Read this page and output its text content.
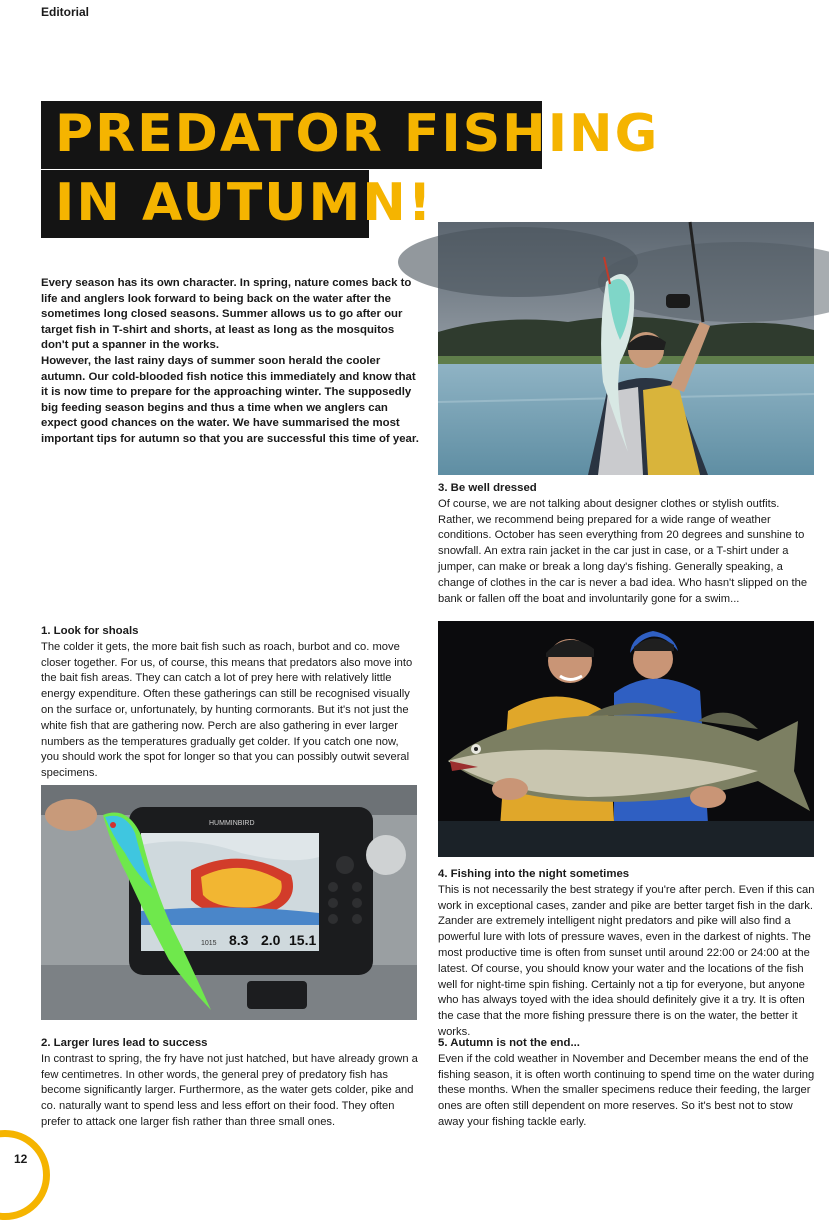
Editorial
PREDATOR FISHING
IN AUTUMN!

Every season has its own character. In spring, nature comes back to life and anglers look forward to being back on the water after the sometimes long closed seasons. Summer allows us to go after our target fish in T-shirt and shorts, at least as long as the mosquitos don't put a spanner in the works.

However, the last rainy days of summer soon herald the cooler autumn. Our cold-blooded fish notice this immediately and know that it is now time to prepare for the approaching winter. The supposedly big feeding season begins and thus a time when we anglers can expect good chances on the water. We have summarised the most important tips for autumn so that you are successful this time of year.

3. Be well dressed

Of course, we are not talking about designer clothes or stylish outfits. Rather, we recommend being prepared for a wide range of weather conditions. October has seen everything from 20 degrees and sunshine to snowfall. An extra rain jacket in the car just in case, or a T-shirt under a jumper, can make or break a long day's fishing. Generally speaking, a change of clothes in the car is never a bad idea. Who hasn't slipped on the bank or fallen off the boat and involuntarily gone for a swim...

1. Look for shoals

The colder it gets, the more bait fish such as roach, burbot and co. move closer together. For us, of course, this means that predators also move into the bait fish areas. They can catch a lot of prey here with relatively little energy expenditure. Often these gatherings can still be recognised visually on the surface or, unfortunately, by hunting cormorants. But it's not just the white fish that are gathering now. Perch are also gathering in ever larger numbers as the temperatures gradually get colder. If you catch one now, you should work the spot for longer so that you can possibly outwit several specimens.

8.3 2.0 15.1
1015
HUMMINBIRD
4. Fishing into the night sometimes

This is not necessarily the best strategy if you're after perch. Even if this can work in exceptional cases, zander and pike are better target fish in the dark. Zander are extremely intelligent night predators and pike will also find a powerful lure with lots of pressure waves, even in the darkest of nights. The most productive time is often from sunset until around 22:00 or 24:00 at the latest. Of course, you should know your water and the locations of the fish well for night-time spin fishing. Certainly not a tip for everyone, but anyone who has always toyed with the idea should definitely give it a try. It is often the case that the more fishing pressure there is on the water, the better it works.

2. Larger lures lead to success

In contrast to spring, the fry have not just hatched, but have already grown a few centimetres. In other words, the general prey of predatory fish has become significantly larger. Furthermore, as the water gets colder, pike and co. naturally want to spend less and less effort on their food. They often prefer to attack one larger fish rather than three small ones.

5. Autumn is not the end...

Even if the cold weather in November and December means the end of the fishing season, it is often worth continuing to spend time on the water during these months. When the smaller specimens reduce their feeding, the larger ones are often still dependent on more reserves. So it's best not to stow away your fishing tackle early.

12
